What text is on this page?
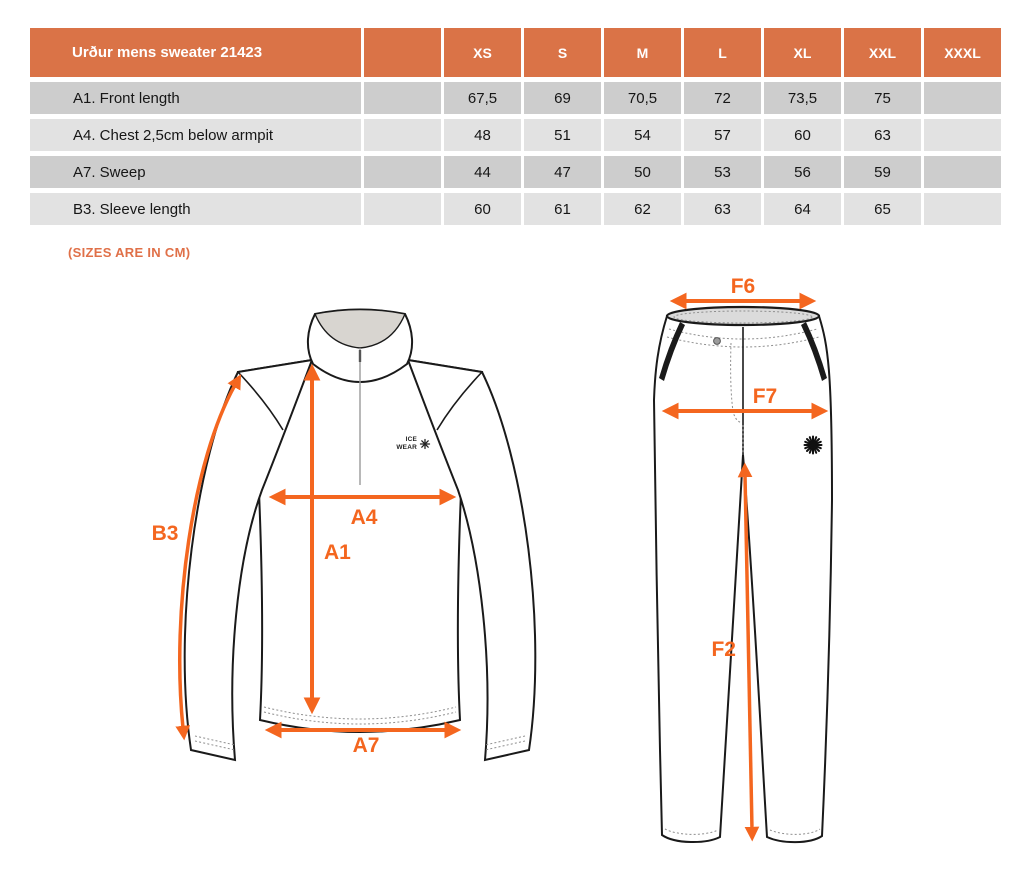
Urður mens sweater 21423	XS	S	M	L	XL	XXL	XXXL
A1. Front length	67,5	69	70,5	72	73,5	75
A4. Chest 2,5cm below armpit	48	51	54	57	60	63
A7. Sweep	44	47	50	53	56	59
B3. Sleeve length	60	61	62	63	64	65
(SIZES ARE IN CM)
ICE
WEAR
B3
A4
A1
A7
F6
F7
F2
